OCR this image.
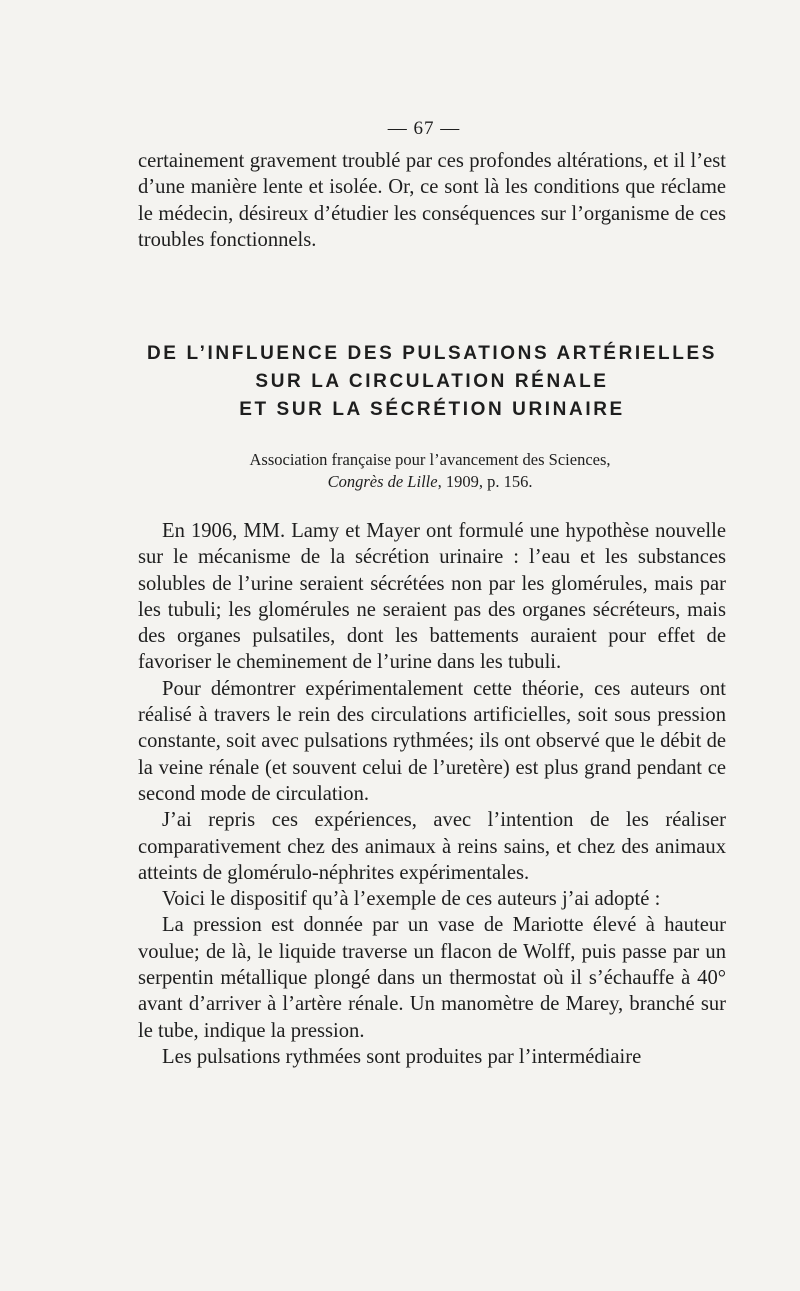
— 67 —

certainement gravement troublé par ces profondes altérations, et il l’est d’une manière lente et isolée. Or, ce sont là les conditions que réclame le médecin, désireux d’étudier les conséquences sur l’organisme de ces troubles fonctionnels.

DE L’INFLUENCE DES PULSATIONS ARTÉRIELLES
SUR LA CIRCULATION RÉNALE
ET SUR LA SÉCRÉTION URINAIRE
Association française pour l’avancement des Sciences,
Congrès de Lille, 1909, p. 156.

En 1906, MM. Lamy et Mayer ont formulé une hypothèse nouvelle sur le mécanisme de la sécrétion urinaire : l’eau et les substances solubles de l’urine seraient sécrétées non par les glomérules, mais par les tubuli; les glomérules ne seraient pas des organes sécréteurs, mais des organes pulsatiles, dont les battements auraient pour effet de favoriser le cheminement de l’urine dans les tubuli.

Pour démontrer expérimentalement cette théorie, ces auteurs ont réalisé à travers le rein des circulations artificielles, soit sous pression constante, soit avec pulsations rythmées; ils ont observé que le débit de la veine rénale (et souvent celui de l’uretère) est plus grand pendant ce second mode de circulation.

J’ai repris ces expériences, avec l’intention de les réaliser comparativement chez des animaux à reins sains, et chez des animaux atteints de glomérulo-néphrites expérimentales.

Voici le dispositif qu’à l’exemple de ces auteurs j’ai adopté :

La pression est donnée par un vase de Mariotte élevé à hauteur voulue; de là, le liquide traverse un flacon de Wolff, puis passe par un serpentin métallique plongé dans un thermostat où il s’échauffe à 40° avant d’arriver à l’artère rénale. Un manomètre de Marey, branché sur le tube, indique la pression.

Les pulsations rythmées sont produites par l’intermédiaire
